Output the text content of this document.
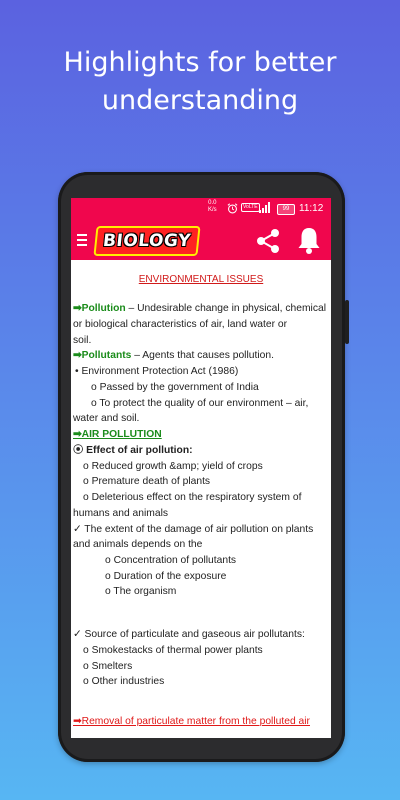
Highlights for better
understanding
0.0
K/s	VoLTE	99 11:12
BIOLOGY
ENVIRONMENTAL ISSUES
➡Pollution – Undesirable change in physical, chemical
or biological characteristics of air, land water or
soil.
➡Pollutants – Agents that causes pollution.
• Environment Protection Act (1986)
o Passed by the government of India
o To protect the quality of our environment – air,
water and soil.
➡AIR POLLUTION
⦿ Effect of air pollution:
o Reduced growth &amp; yield of crops
o Premature death of plants
o Deleterious effect on the respiratory system of
humans and animals
✓ The extent of the damage of air pollution on plants
and animals depends on the
o Concentration of pollutants
o Duration of the exposure
o The organism
✓ Source of particulate and gaseous air pollutants:
o Smokestacks of thermal power plants
o Smelters
o Other industries
➡Removal of particulate matter from the polluted air
